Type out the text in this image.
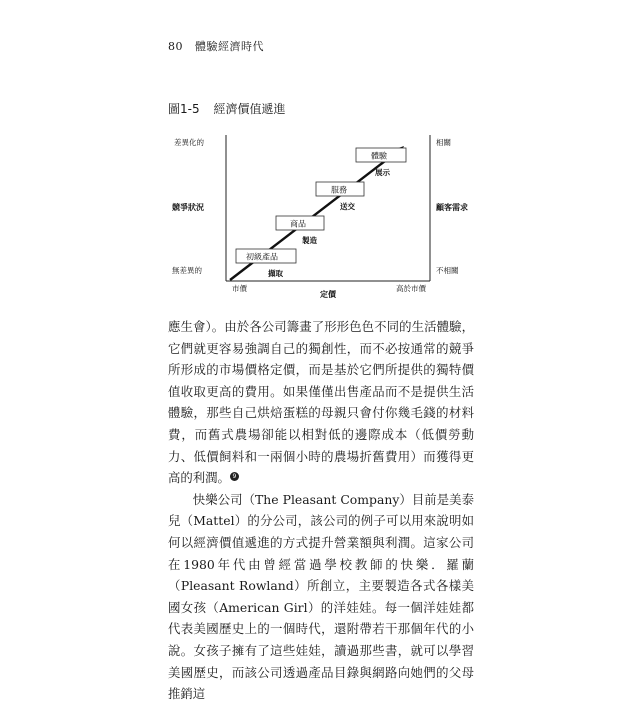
80 體驗經濟時代
圖1-5 經濟價值遞進
差異化的
競爭狀況
無差異的
相關
顧客需求
不相關
市價
定價
高於市價
初級產品
擷取
商品
製造
服務
送交
體驗
展示

應生會）。由於各公司籌畫了形形色色不同的生活體驗，它們就更容易強調自己的獨創性，而不必按通常的競爭所形成的市場價格定價，而是基於它們所提供的獨特價值收取更高的費用。如果僅僅出售產品而不是提供生活體驗，那些自己烘焙蛋糕的母親只會付你幾毛錢的材料費，而舊式農場卻能以相對低的邊際成本（低價勞動力、低價飼料和一兩個小時的農場折舊費用）而獲得更高的利潤。 9

快樂公司（The Pleasant Company）目前是美泰兒（Mattel）的分公司，該公司的例子可以用來說明如何以經濟價值遞進的方式提升營業額與利潤。這家公司在1980年代由曾經當過學校教師的快樂．羅蘭（Pleasant Rowland）所創立，主要製造各式各樣美國女孩（American Girl）的洋娃娃。每一個洋娃娃都代表美國歷史上的一個時代，還附帶若干那個年代的小說。女孩子擁有了這些娃娃，讀過那些書，就可以學習美國歷史，而該公司透過產品目錄與網路向她們的父母推銷這
